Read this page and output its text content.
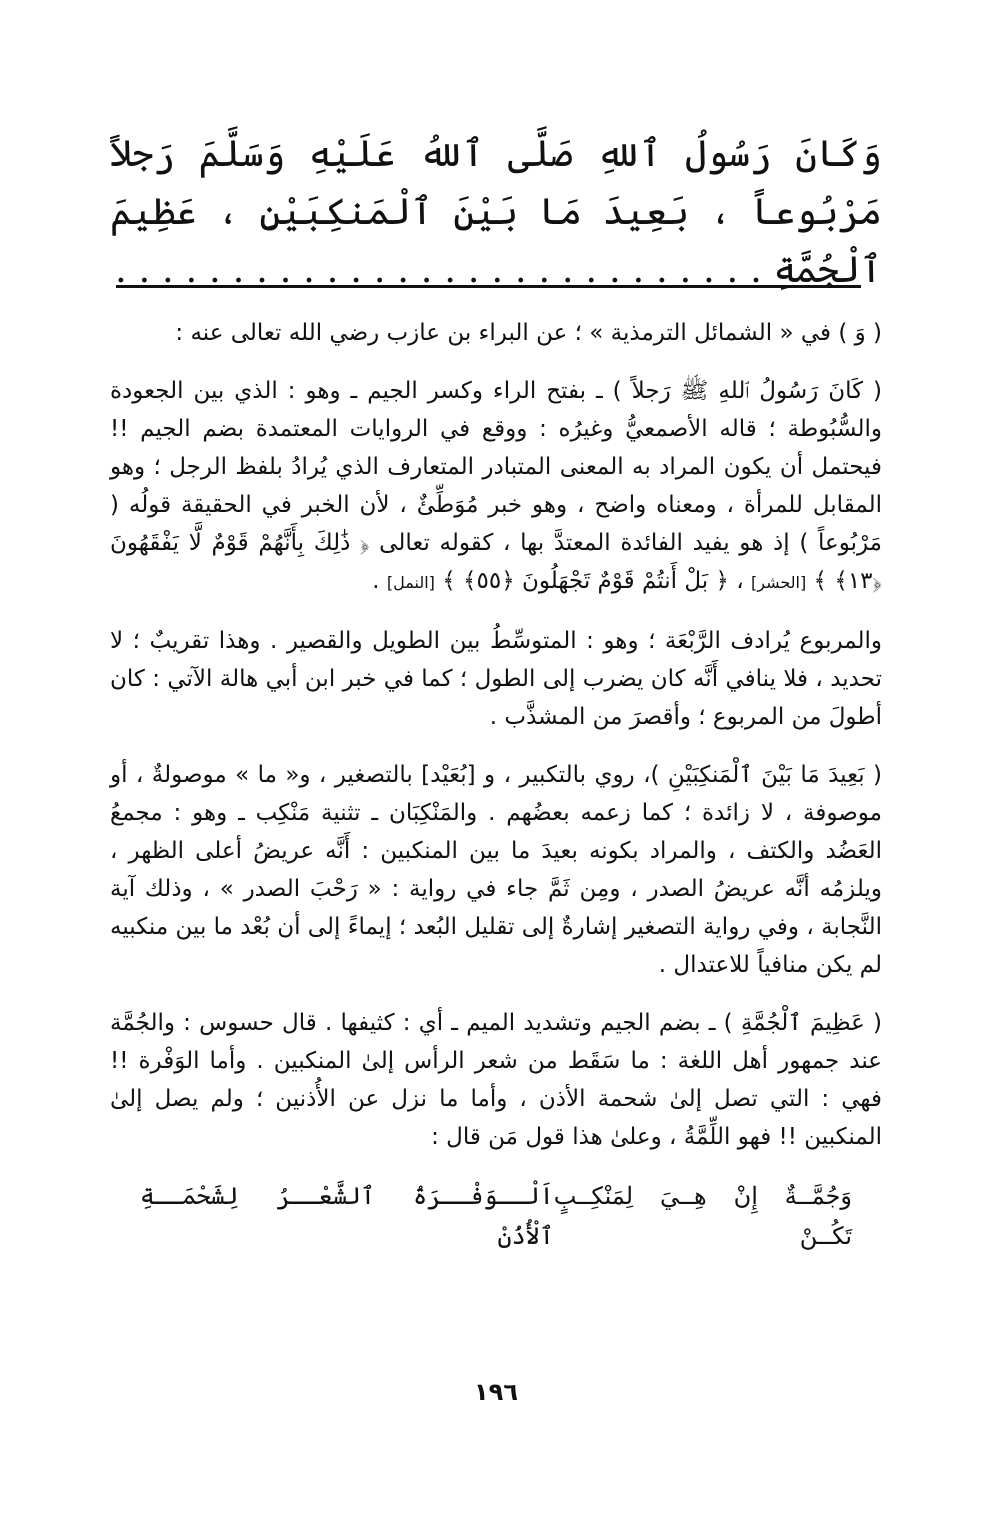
وَكَانَ رَسُولُ ٱللهِ صَلَّى ٱللهُ عَلَيْهِ وَسَلَّمَ رَجلاً مَرْبُوعاً ، بَعِيدَ مَا بَيْنَ ٱلْمَنكِبَيْنِ ، عَظِيمَ ٱلْجُمَّةِ . . . . . . . . . . . . . . . . . . . . . . . . . . . .

( وَ ) في « الشمائل الترمذية » ؛ عن البراء بن عازب رضي الله تعالى عنه :

( كَانَ رَسُولُ ٱللهِ ﷺ رَجلاً ) ـ بفتح الراء وكسر الجيم ـ وهو : الذي بين الجعودة والسُّبُوطة ؛ قاله الأصمعيُّ وغيرُه : ووقع في الروايات المعتمدة بضم الجيم !! فيحتمل أن يكون المراد به المعنى المتبادر المتعارف الذي يُرادُ بلفظ الرجل ؛ وهو المقابل للمرأة ، ومعناه واضح ، وهو خبر مُوَطِّئٌ ، لأن الخبر في الحقيقة قولُه ( مَرْبُوعاً ) إذ هو يفيد الفائدة المعتدَّ بها ، كقوله تعالى ﴿ ذَٰلِكَ بِأَنَّهُمْ قَوْمٌ لَّا يَفْقَهُونَ ﴿١٣﴾ ﴾ [الحشر] ، ﴿ بَلْ أَنتُمْ قَوْمٌ تَجْهَلُونَ ﴿٥٥﴾ ﴾ [النمل] .

والمربوع يُرادف الرَّبْعَة ؛ وهو : المتوسِّطُ بين الطويل والقصير . وهذا تقريبٌ ؛ لا تحديد ، فلا ينافي أَنَّه كان يضرب إلى الطول ؛ كما في خبر ابن أبي هالة الآتي : كان أطولَ من المربوع ؛ وأقصرَ من المشذَّب .

( بَعِيدَ مَا بَيْنَ ٱلْمَنكِبَيْنِ )، روي بالتكبير ، و [بُعَيْد] بالتصغير ، و« ما » موصولةٌ ، أو موصوفة ، لا زائدة ؛ كما زعمه بعضُهم . والمَنْكِبَان ـ تثنية مَنْكِب ـ وهو : مجمعُ العَضُد والكتف ، والمراد بكونه بعيدَ ما بين المنكبين : أَنَّه عريضُ أعلى الظهر ، ويلزمُه أنَّه عريضُ الصدر ، ومِن ثَمَّ جاء في رواية : « رَحْبَ الصدر » ، وذلك آية النَّجابة ، وفي رواية التصغير إشارةٌ إلى تقليل البُعد ؛ إيماءً إلى أن بُعْد ما بين منكبيه لم يكن منافياً للاعتدال .

( عَظِيمَ ٱلْجُمَّةِ ) ـ بضم الجيم وتشديد الميم ـ أي : كثيفها . قال حسوس : والجُمَّة عند جمهور أهل اللغة : ما سَقَط من شعر الرأس إلىٰ المنكبين . وأما الوَفْرة !! فهي : التي تصل إلىٰ شحمة الأذن ، وأما ما نزل عن الأُذنين ؛ ولم يصل إلىٰ المنكبين !! فهو اللِّمَّةُ ، وعلىٰ هذا قول مَن قال :

اَلْــوَفْــرَةُ ٱلشَّعْــرُ لِشَحْمَــةِ ٱلْأُذُنْ
وَجُمَّــةٌ إِنْ هِــيَ لِمَنْكِــبٍ تَكُــنْ
١٩٦
